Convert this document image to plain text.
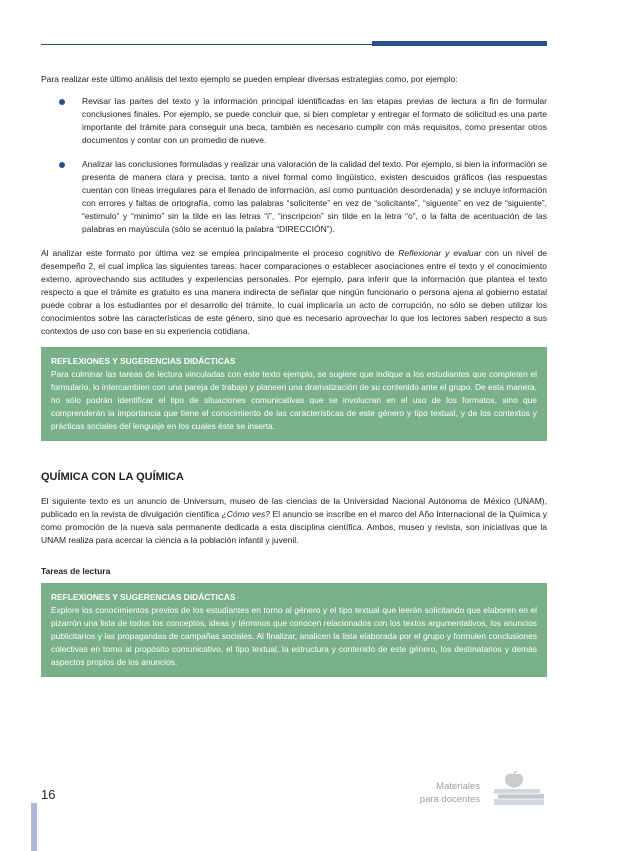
Para realizar este último análisis del texto ejemplo se pueden emplear diversas estrategias como, por ejemplo:

Revisar las partes del texto y la información principal identificadas en las etapas previas de lectura a fin de formular conclusiones finales. Por ejemplo, se puede concluir que, si bien completar y entregar el formato de solicitud es una parte importante del trámite para conseguir una beca, también es necesario cumplir con más requisitos, como presentar otros documentos y contar con un promedio de nueve.
Analizar las conclusiones formuladas y realizar una valoración de la calidad del texto. Por ejemplo, si bien la información se presenta de manera clara y precisa, tanto a nivel formal como lingüístico, existen descuidos gráficos (las respuestas cuentan con líneas irregulares para el llenado de información, así como puntuación desordenada) y se incluye información con errores y faltas de ortografía, como las palabras “solicitente” en vez de “solicitante”, “siguente” en vez de “siguiente”, “estimulo” y “minimo” sin la tilde en las letras “i”, “inscripcion” sin tilde en la letra “o”, o la falta de acentuación de las palabras en mayúscula (sólo se acentuó la palabra “DIRECCIÓN”).

Al analizar este formato por última vez se emplea principalmente el proceso cognitivo de Reflexionar y evaluar con un nivel de desempeño 2, el cual implica las siguientes tareas: hacer comparaciones o establecer asociaciones entre el texto y el conocimiento externo, aprovechando sus actitudes y experiencias personales. Por ejemplo, para inferir que la información que plantea el texto respecto a que el trámite es gratuito es una manera indirecta de señalar que ningún funcionario o persona ajena al gobierno estatal puede cobrar a los estudiantes por el desarrollo del trámite, lo cual implicaría un acto de corrupción, no sólo se deben utilizar los conocimientos sobre las características de este género, sino que es necesario aprovechar lo que los lectores saben respecto a sus contextos de uso con base en su experiencia cotidiana.

REFLEXIONES Y SUGERENCIAS DIDÁCTICAS

Para culminar las tareas de lectura vinculadas con este texto ejemplo, se sugiere que indique a los estudiantes que completen el formulario, lo intercambien con una pareja de trabajo y planeen una dramatización de su contenido ante el grupo. De esta manera, no sólo podrán identificar el tipo de situaciones comunicativas que se involucran en el uso de los formatos, sino que comprenderán la importancia que tiene el conocimiento de las características de este género y tipo textual, y de los contextos y prácticas sociales del lenguaje en los cuales éste se inserta.

QUÍMICA CON LA QUÍMICA

El siguiente texto es un anuncio de Universum, museo de las ciencias de la Universidad Nacional Autónoma de México (UNAM), publicado en la revista de divulgación científica ¿Cómo ves? El anuncio se inscribe en el marco del Año Internacional de la Química y como promoción de la nueva sala permanente dedicada a esta disciplina científica. Ambos, museo y revista, son iniciativas que la UNAM realiza para acercar la ciencia a la población infantil y juvenil.

Tareas de lectura
REFLEXIONES Y SUGERENCIAS DIDÁCTICAS

Explore los conocimientos previos de los estudiantes en torno al género y el tipo textual que leerán solicitando que elaboren en el pizarrón una lista de todos los conceptos, ideas y términos que conocen relacionados con los textos argumentativos, los anuncios publicitarios y las propagandas de campañas sociales. Al finalizar, analicen la lista elaborada por el grupo y formulen conclusiones colectivas en torno al propósito comunicativo, el tipo textual, la estructura y contenido de este género, los destinatarios y demás aspectos propios de los anuncios.

16
Materiales
para docentes
